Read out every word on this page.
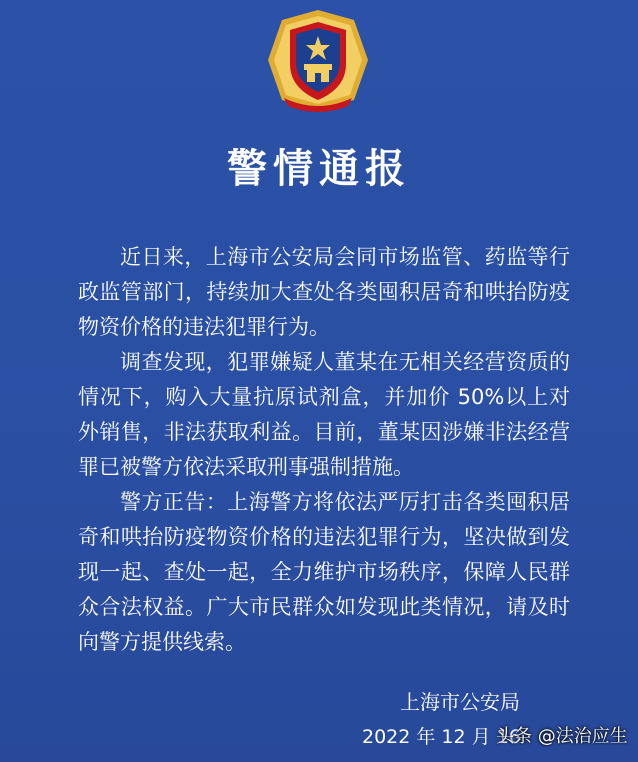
警情通报

近日来，上海市公安局会同市场监管、药监等行政监管部门，持续加大查处各类囤积居奇和哄抬防疫物资价格的违法犯罪行为。

调查发现，犯罪嫌疑人董某在无相关经营资质的情况下，购入大量抗原试剂盒，并加价 50%以上对外销售，非法获取利益。目前，董某因涉嫌非法经营罪已被警方依法采取刑事强制措施。

警方正告：上海警方将依法严厉打击各类囤积居奇和哄抬防疫物资价格的违法犯罪行为，坚决做到发现一起、查处一起，全力维护市场秩序，保障人民群众合法权益。广大市民群众如发现此类情况，请及时向警方提供线索。

上海市公安局
2022 年 12 月 16
头条 @法治应生
